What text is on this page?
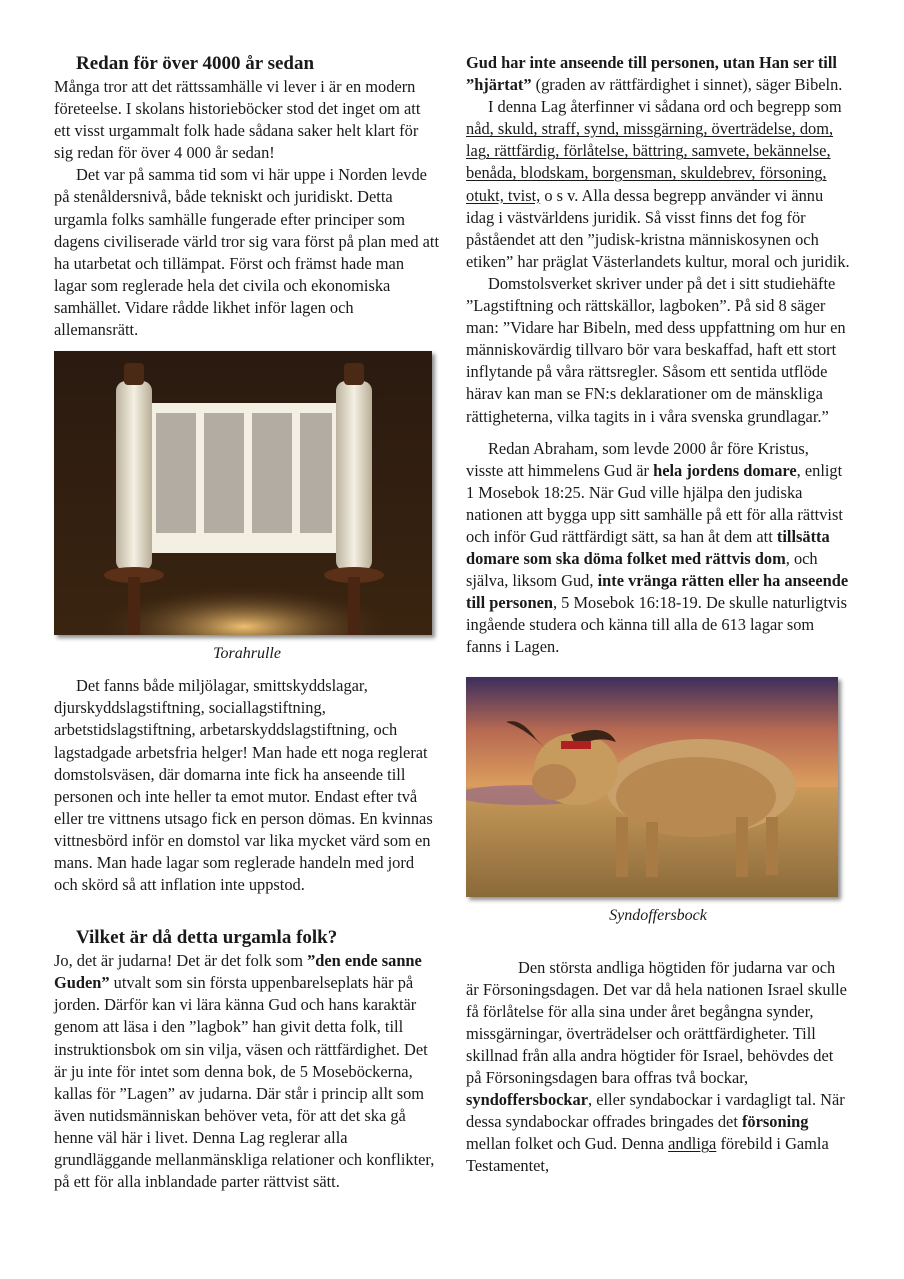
Redan för över 4000 år sedan

Många tror att det rättssamhälle vi lever i är en modern företeelse. I skolans historieböcker stod det inget om att ett visst urgammalt folk hade sådana saker helt klart för sig redan för över 4 000 år sedan!

Det var på samma tid som vi här uppe i Norden levde på stenåldersnivå, både tekniskt och juridiskt. Detta urgamla folks samhälle fungerade efter principer som dagens civiliserade värld tror sig vara först på plan med att ha utarbetat och tillämpat. Först och främst hade man lagar som reglerade hela det civila och ekonomiska samhället. Vidare rådde likhet inför lagen och allemansrätt.

Torahrulle

Det fanns både miljölagar, smittskyddslagar, djurskyddslagstiftning, sociallagstiftning, arbetstidslagstiftning, arbetarskyddslagstiftning, och lagstadgade arbetsfria helger! Man hade ett noga reglerat domstolsväsen, där domarna inte fick ha anseende till personen och inte heller ta emot mutor. Endast efter två eller tre vittnens utsago fick en person dömas. En kvinnas vittnesbörd inför en domstol var lika mycket värd som en mans. Man hade lagar som reglerade handeln med jord och skörd så att inflation inte uppstod.

Vilket är då detta urgamla folk?

Jo, det är judarna! Det är det folk som ”den ende sanne Guden” utvalt som sin första uppenbarelseplats här på jorden. Därför kan vi lära känna Gud och hans karaktär genom att läsa i den ”lagbok” han givit detta folk, till instruktionsbok om sin vilja, väsen och rättfärdighet. Det är ju inte för intet som denna bok, de 5 Moseböckerna, kallas för ”Lagen” av judarna. Där står i princip allt som även nutidsmänniskan behöver veta, för att det ska gå henne väl här i livet. Denna Lag reglerar alla grundläggande mellanmänskliga relationer och konflikter, på ett för alla inblandade parter rättvist sätt.

Gud har inte anseende till personen, utan Han ser till ”hjärtat” (graden av rättfärdighet i sinnet), säger Bibeln.

I denna Lag återfinner vi sådana ord och begrepp som nåd, skuld, straff, synd, missgärning, överträdelse, dom, lag, rättfärdig, förlåtelse, bättring, samvete, bekännelse, benåda, blodskam, borgensman, skuldebrev, försoning, otukt, tvist, o s v. Alla dessa begrepp använder vi ännu idag i västvärldens juridik. Så visst finns det fog för påståendet att den ”judisk-kristna människosynen och etiken” har präglat Västerlandets kultur, moral och juridik.

Domstolsverket skriver under på det i sitt studiehäfte ”Lagstiftning och rättskällor, lagboken”. På sid 8 säger man: ”Vidare har Bibeln, med dess uppfattning om hur en människovärdig tillvaro bör vara beskaffad, haft ett stort inflytande på våra rättsregler. Såsom ett sentida utflöde härav kan man se FN:s deklarationer om de mänskliga rättigheterna, vilka tagits in i våra svenska grundlagar.”

Redan Abraham, som levde 2000 år före Kristus, visste att himmelens Gud är hela jordens domare, enligt 1 Mosebok 18:25. När Gud ville hjälpa den judiska nationen att bygga upp sitt samhälle på ett för alla rättvist och inför Gud rättfärdigt sätt, sa han åt dem att tillsätta domare som ska döma folket med rättvis dom, och själva, liksom Gud, inte vränga rätten eller ha anseende till personen, 5 Mosebok 16:18-19. De skulle naturligtvis ingående studera och känna till alla de 613 lagar som fanns i Lagen.

Syndoffersbock

Den största andliga högtiden för judarna var och är Försoningsdagen. Det var då hela nationen Israel skulle få förlåtelse för alla sina under året begångna synder, missgärningar, överträdelser och orättfärdigheter. Till skillnad från alla andra högtider för Israel, behövdes det på Försoningsdagen bara offras två bockar, syndoffersbockar, eller syndabockar i vardagligt tal. När dessa syndabockar offrades bringades det försoning mellan folket och Gud. Denna andliga förebild i Gamla Testamentet,
